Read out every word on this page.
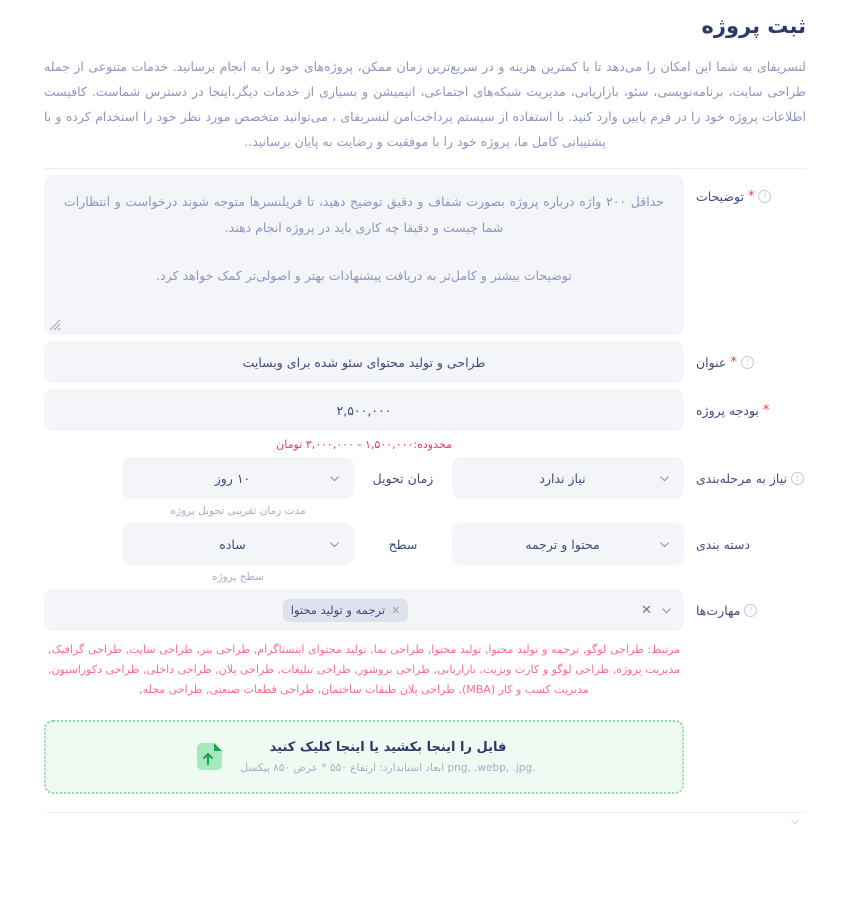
ثبت پروژه
لنسریفای به شما این امکان را می‌دهد تا با کمترین هزینه و در سریع‌ترین زمان ممکن، پروژه‌های خود را به انجام برسانید. خدمات متنوعی از جمله طراحی سایت، برنامه‌نویسی، سئو، بازاریابی، مدیریت شبکه‌های اجتماعی، انیمیشن و بسیاری از خدمات دیگر،اینجا در دسترس شماست. کافیست اطلاعات پروژه خود را در فرم پایین وارد کنید. با استفاده از سیستم پرداخت‌امن لنسریفای ، می‌توانید متخصص مورد نظر خود را استخدام کرده و با پشتیبانی کامل ما، پروژه خود را با موفقیت و رضایت به پایان برسانید..
!
*
توضیحات
حداقل ۲۰۰ واژه درباره پروژه بصورت شفاف و دقیق توضیح دهید، تا فریلنسرها متوجه شوند درخواست و انتظارات شما چیست و دقیقا چه کاری باید در پروژه انجام دهند.
توضیحات بیشتر و کامل‌تر به دریافت پیشنهادات بهتر و اصولی‌تر کمک خواهد کرد.
!
*
عنوان
طراحی و تولید محتوای سئو شده برای وبسایت
*
بودجه پروژه
۲,۵۰۰,۰۰۰
محدوده:۱,۵۰۰,۰۰۰ - ۳,۰۰۰,۰۰۰ تومان
!
نیاز به مرحله‌بندی
نیاز ندارد
زمان تحویل
۱۰ روز
مدت زمان تقریبی تحویل پروژه
دسته بندی
محتوا و ترجمه
سطح
ساده
سطح پروژه
!
مهارت‌ها
✕
✕
ترجمه و تولید محتوا
مرتبط: طراحی لوگو, ترجمه و تولید محتوا, تولید محتوا, طراحی نما, تولید محتوای اینستاگرام, طراحی بنر, طراحی سایت, طراحی گرافیک, مدیریت پروژه, طراحی لوگو و کارت ویزیت, بازاریابی, طراحی بروشور, طراحی تبلیغات, طراحی پلان, طراحی داخلی, طراحی دکوراسیون, مدیریت کسب و کار (MBA), طراحی پلان طبقات ساختمان, طراحی قطعات صنعتی, طراحی مجله,
فایل را اینجا بکشید یا اینجا کلیک کنید
.png, .webp, .jpg ابعاد استاندارد: ارتفاع ۵۵۰ * عرض ۸۵۰ پیکسل
